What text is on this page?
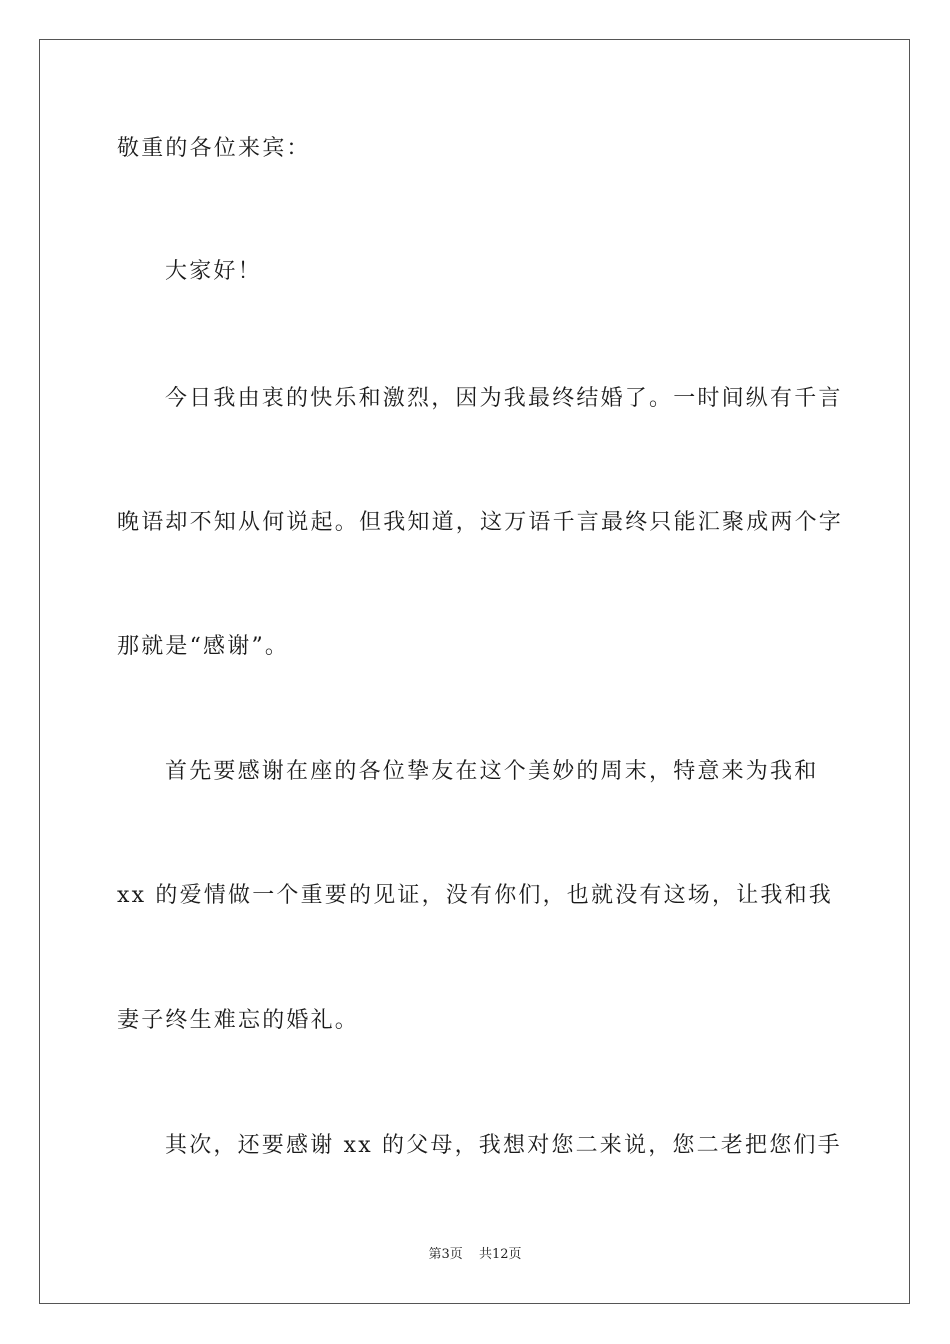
敬重的各位来宾：
大家好！
今日我由衷的快乐和激烈，因为我最终结婚了。一时间纵有千言
晚语却不知从何说起。但我知道，这万语千言最终只能汇聚成两个字
那就是“感谢”。
首先要感谢在座的各位挚友在这个美妙的周末，特意来为我和
xx 的爱情做一个重要的见证，没有你们，也就没有这场，让我和我
妻子终生难忘的婚礼。
其次，还要感谢 xx 的父母，我想对您二来说，您二老把您们手
第3页 共12页
